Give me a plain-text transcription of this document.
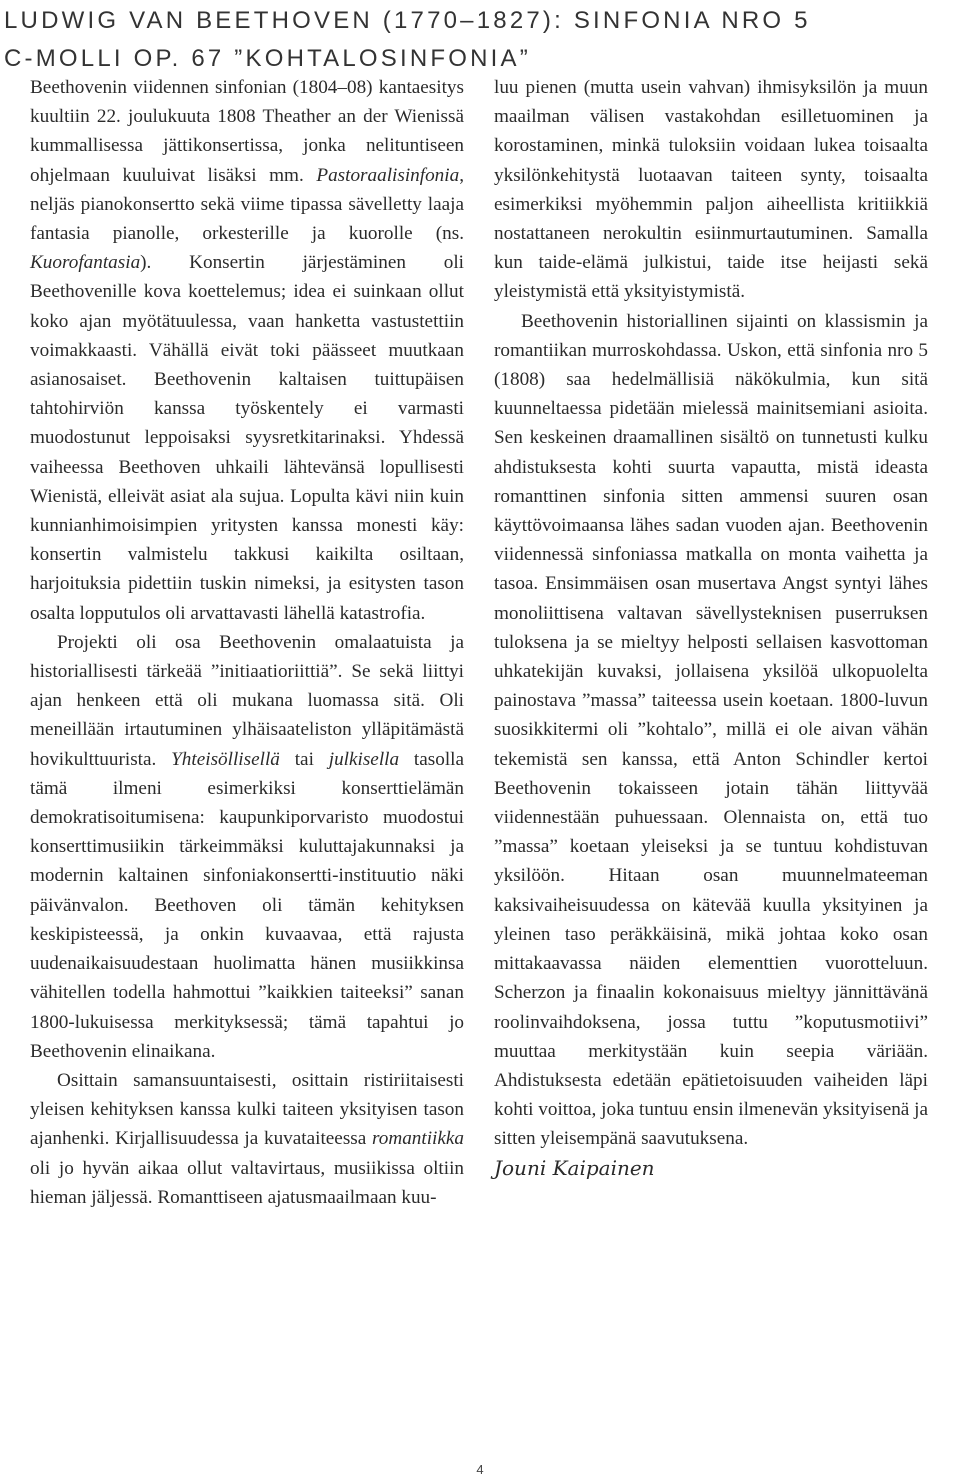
LUDWIG VAN BEETHOVEN (1770–1827): SINFONIA NRO 5
C-MOLLI OP. 67 ”KOHTALOSINFONIA”

Beethovenin viidennen sinfonian (1804–08) kantaesitys kuultiin 22. joulukuuta 1808 Theather an der Wienissä kummallisessa jättikonsertissa, jonka nelituntiseen ohjelmaan kuuluivat lisäksi mm. Pastoraalisinfonia, neljäs pianokonsertto sekä viime tipassa sävelletty laaja fantasia pianolle, orkesterille ja kuorolle (ns. Kuorofantasia). Konsertin järjestäminen oli Beethovenille kova koettelemus; idea ei suinkaan ollut koko ajan myötätuulessa, vaan hanketta vastustettiin voimakkaasti. Vähällä eivät toki päässeet muutkaan asianosaiset. Beethovenin kaltaisen tuittupäisen tahtohirviön kanssa työskentely ei varmasti muodostunut leppoisaksi syysretkitarinaksi. Yhdessä vaiheessa Beethoven uhkaili lähtevänsä lopullisesti Wienistä, elleivät asiat ala sujua. Lopulta kävi niin kuin kunnianhimoisimpien yritysten kanssa monesti käy: konsertin valmistelu takkusi kaikilta osiltaan, harjoituksia pidettiin tuskin nimeksi, ja esitysten tason osalta lopputulos oli arvattavasti lähellä katastrofia.

Projekti oli osa Beethovenin omalaatuista ja historiallisesti tärkeää ”initiaatioriittiä”. Se sekä liittyi ajan henkeen että oli mukana luomassa sitä. Oli meneillään irtautuminen ylhäisaateliston ylläpitämästä hovikulttuurista. Yhteisöllisellä tai julkisella tasolla tämä ilmeni esimerkiksi konserttielämän demokratisoitumisena: kaupunkiporvaristo muodostui konserttimusiikin tärkeimmäksi kuluttajakunnaksi ja modernin kaltainen sinfoniakonsertti-instituutio näki päivänvalon. Beethoven oli tämän kehityksen keskipisteessä, ja onkin kuvaavaa, että rajusta uudenaikaisuudestaan huolimatta hänen musiikkinsa vähitellen todella hahmottui ”kaikkien taiteeksi” sanan 1800-lukuisessa merkityksessä; tämä tapahtui jo Beethovenin elinaikana.

Osittain samansuuntaisesti, osittain ristiriitaisesti yleisen kehityksen kanssa kulki taiteen yksityisen tason ajanhenki. Kirjallisuudessa ja kuvataiteessa romantiikka oli jo hyvän aikaa ollut valtavirtaus, musiikissa oltiin hieman jäljessä. Romanttiseen ajatusmaailmaan kuu-

luu pienen (mutta usein vahvan) ihmisyksilön ja muun maailman välisen vastakohdan esilletuominen ja korostaminen, minkä tuloksiin voidaan lukea toisaalta yksilönkehitystä luotaavan taiteen synty, toisaalta esimerkiksi myöhemmin paljon aiheellista kritiikkiä nostattaneen nerokultin esiinmurtautuminen. Samalla kun taide-elämä julkistui, taide itse heijasti sekä yleistymistä että yksityistymistä.

Beethovenin historiallinen sijainti on klassismin ja romantiikan murroskohdassa. Uskon, että sinfonia nro 5 (1808) saa hedelmällisiä näkökulmia, kun sitä kuunneltaessa pidetään mielessä mainitsemiani asioita. Sen keskeinen draamallinen sisältö on tunnetusti kulku ahdistuksesta kohti suurta vapautta, mistä ideasta romanttinen sinfonia sitten ammensi suuren osan käyttövoimaansa lähes sadan vuoden ajan. Beethovenin viidennessä sinfoniassa matkalla on monta vaihetta ja tasoa. Ensimmäisen osan musertava Angst syntyi lähes monoliittisena valtavan sävellysteknisen puserruksen tuloksena ja se mieltyy helposti sellaisen kasvottoman uhkatekijän kuvaksi, jollaisena yksilöä ulkopuolelta painostava ”massa” taiteessa usein koetaan. 1800-luvun suosikkitermi oli ”kohtalo”, millä ei ole aivan vähän tekemistä sen kanssa, että Anton Schindler kertoi Beethovenin tokaisseen jotain tähän liittyvää viidennestään puhuessaan. Olennaista on, että tuo ”massa” koetaan yleiseksi ja se tuntuu kohdistuvan yksilöön. Hitaan osan muunnelmateeman kaksivaiheisuudessa on kätevää kuulla yksityinen ja yleinen taso peräkkäisinä, mikä johtaa koko osan mittakaavassa näiden elementtien vuorotteluun. Scherzon ja finaalin kokonaisuus mieltyy jännittävänä roolinvaihdoksena, jossa tuttu ”koputusmotiivi” muuttaa merkitystään kuin seepia väriään. Ahdistuksesta edetään epätietoisuuden vaiheiden läpi kohti voittoa, joka tuntuu ensin ilmenevän yksityisenä ja sitten yleisempänä saavutuksena.

Jouni Kaipainen

4
